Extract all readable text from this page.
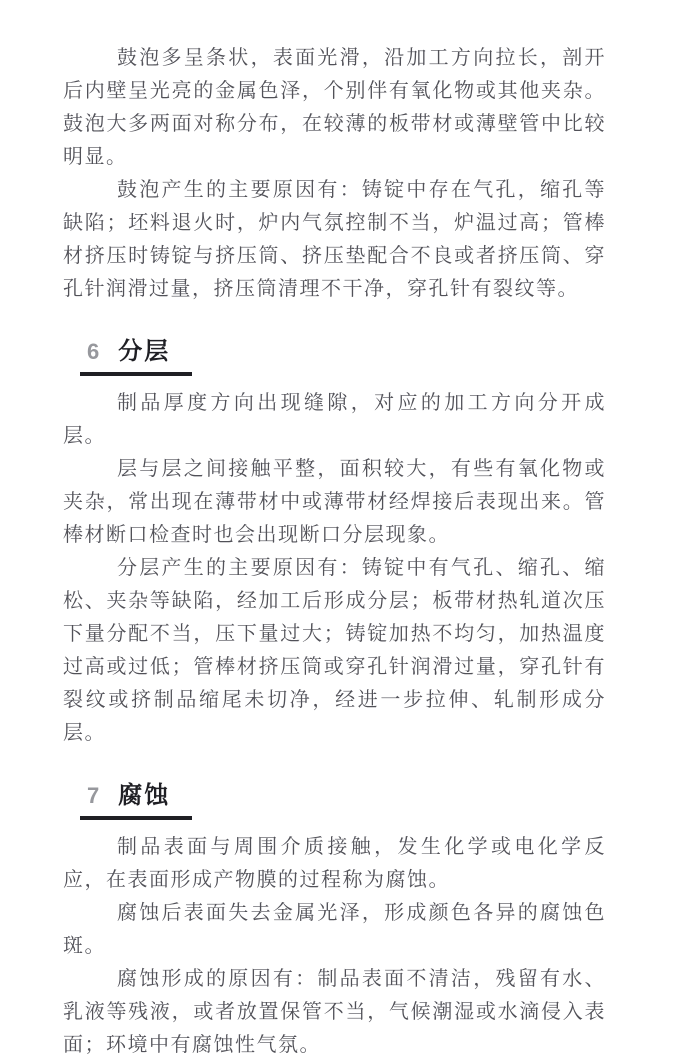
鼓泡多呈条状，表面光滑，沿加工方向拉长，剖开后内壁呈光亮的金属色泽，个别伴有氧化物或其他夹杂。鼓泡大多两面对称分布，在较薄的板带材或薄壁管中比较明显。

鼓泡产生的主要原因有：铸锭中存在气孔，缩孔等缺陷；坯料退火时，炉内气氛控制不当，炉温过高；管棒材挤压时铸锭与挤压筒、挤压垫配合不良或者挤压筒、穿孔针润滑过量，挤压筒清理不干净，穿孔针有裂纹等。

6 分层

制品厚度方向出现缝隙，对应的加工方向分开成层。

层与层之间接触平整，面积较大，有些有氧化物或夹杂，常出现在薄带材中或薄带材经焊接后表现出来。管棒材断口检查时也会出现断口分层现象。

分层产生的主要原因有：铸锭中有气孔、缩孔、缩松、夹杂等缺陷，经加工后形成分层；板带材热轧道次压下量分配不当，压下量过大；铸锭加热不均匀，加热温度过高或过低；管棒材挤压筒或穿孔针润滑过量，穿孔针有裂纹或挤制品缩尾未切净，经进一步拉伸、轧制形成分层。

7 腐蚀

制品表面与周围介质接触，发生化学或电化学反应，在表面形成产物膜的过程称为腐蚀。

腐蚀后表面失去金属光泽，形成颜色各异的腐蚀色斑。

腐蚀形成的原因有：制品表面不清洁，残留有水、乳液等残液，或者放置保管不当，气候潮湿或水滴侵入表面；环境中有腐蚀性气氛。
